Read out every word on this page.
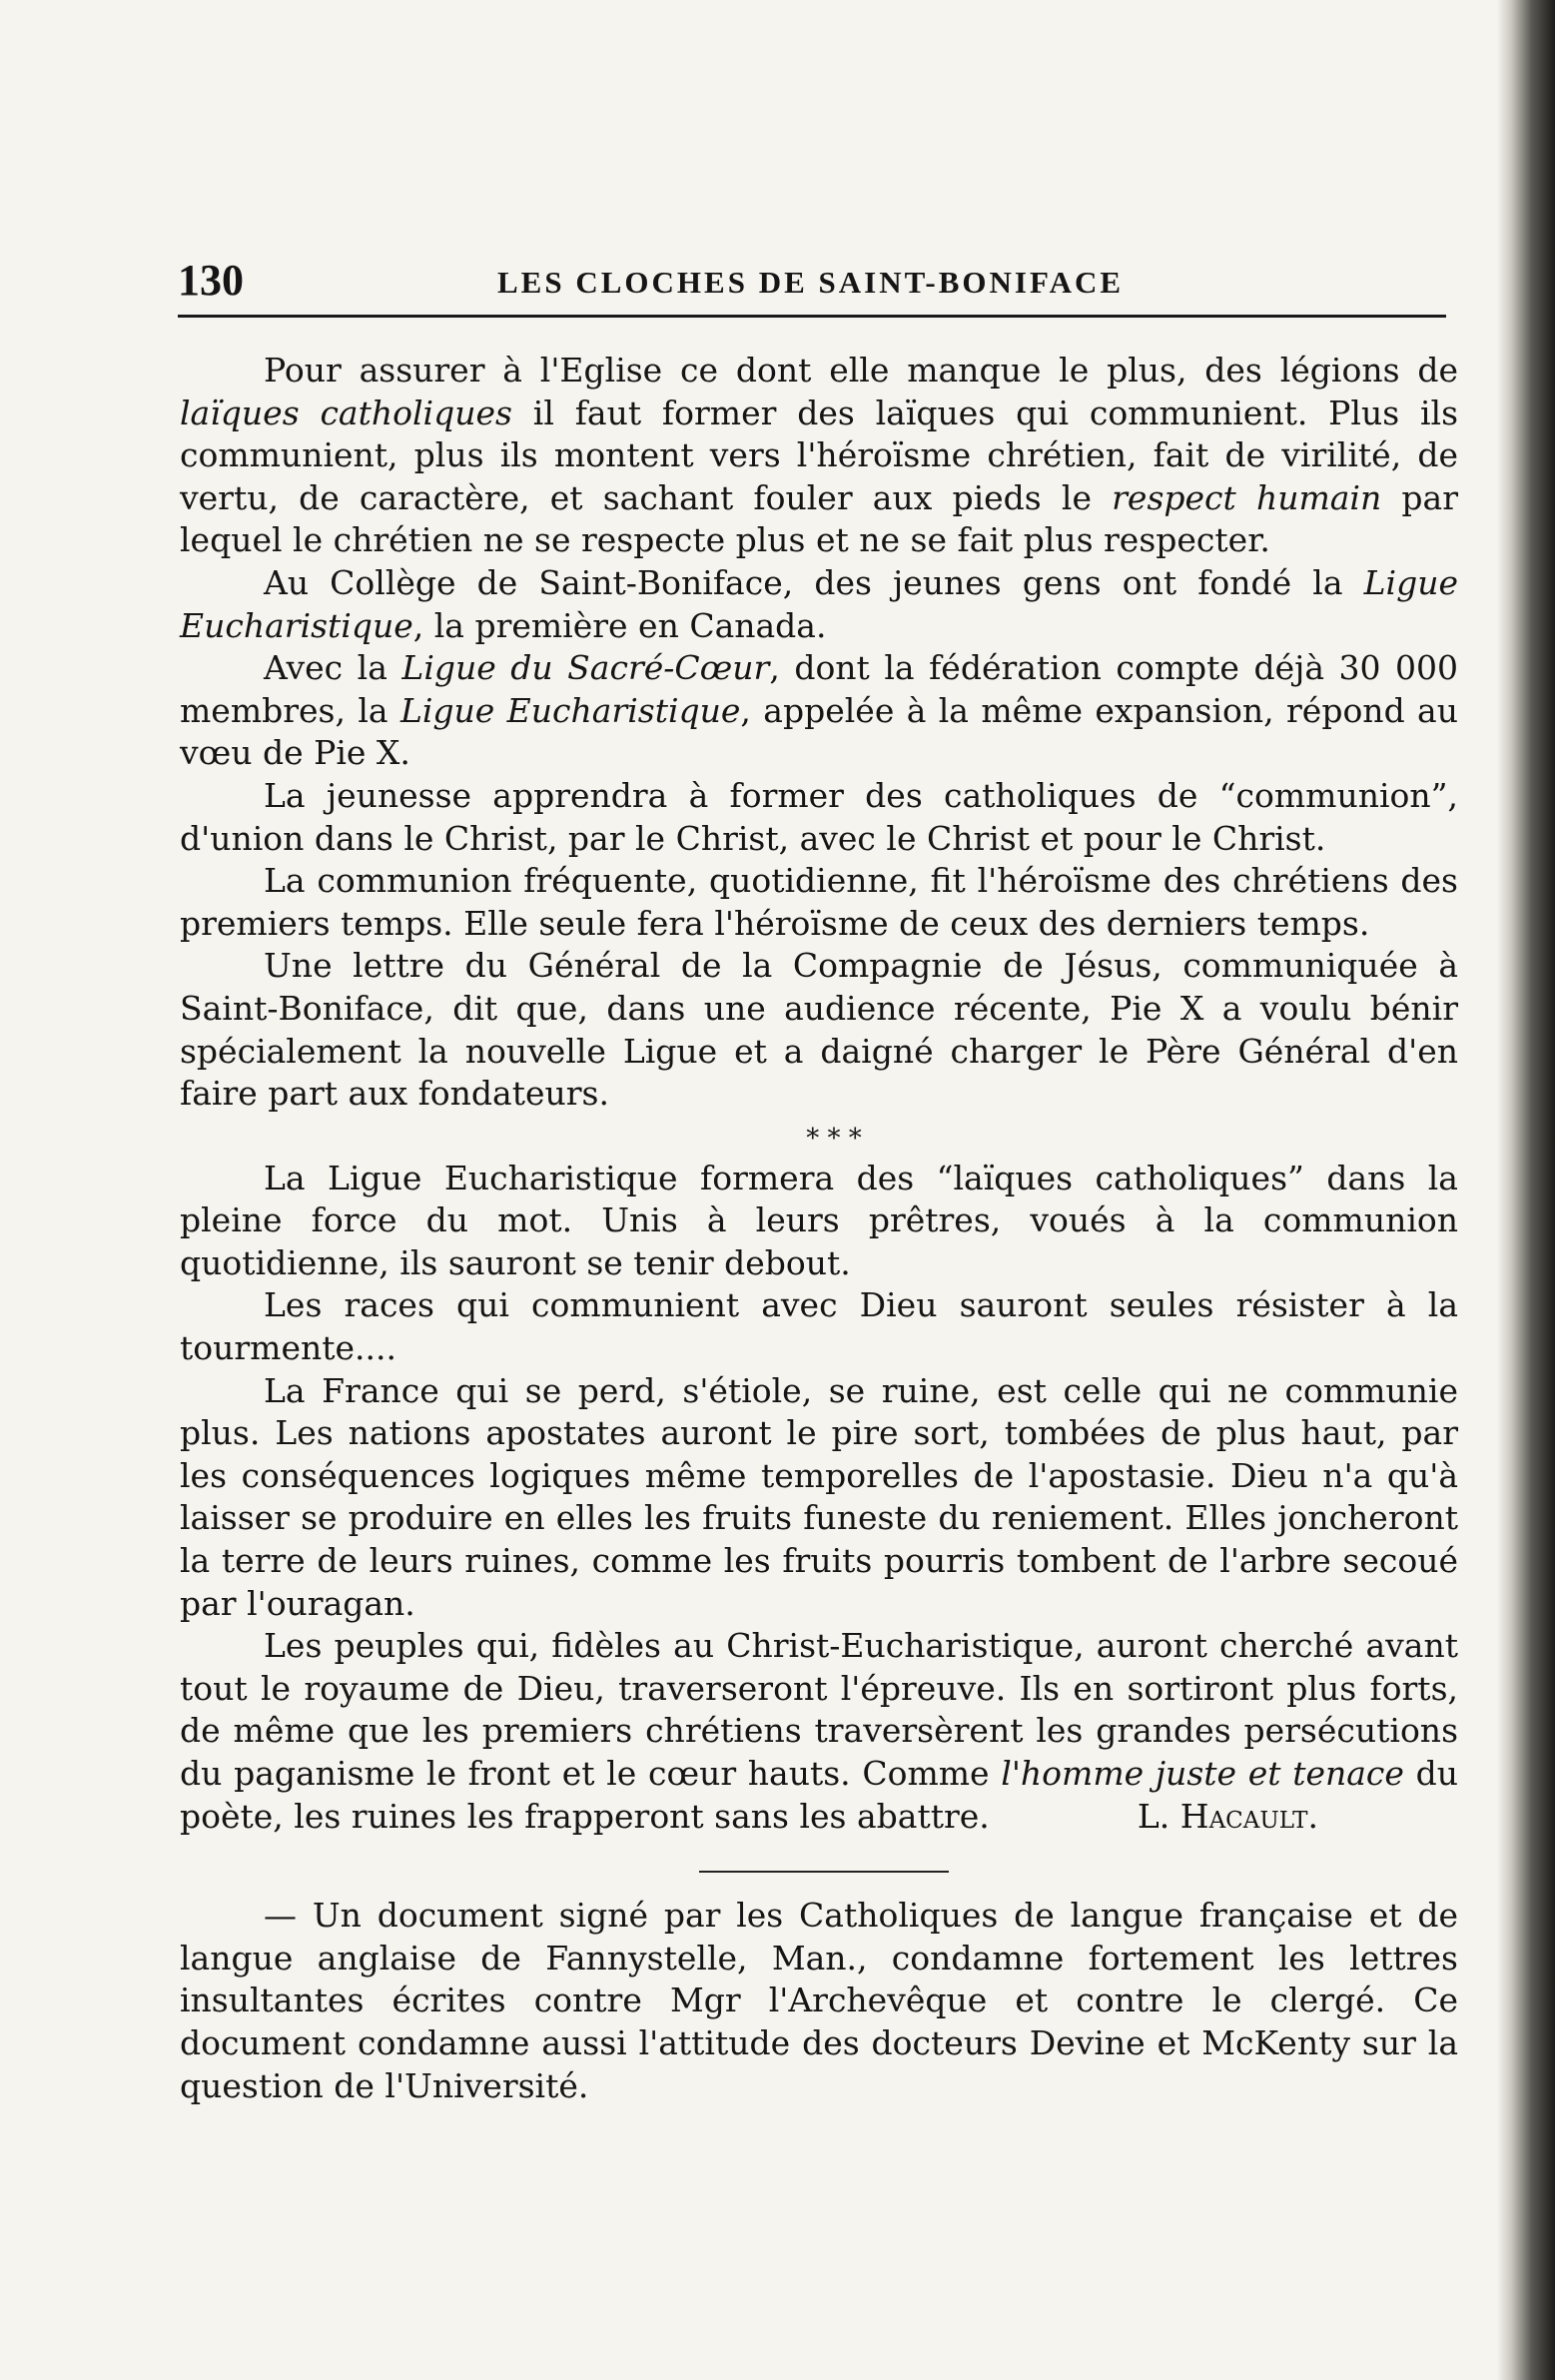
130	LES CLOCHES DE SAINT-BONIFACE

Pour assurer à l'Eglise ce dont elle manque le plus, des légions de laïques catholiques il faut former des laïques qui communient. Plus ils communient, plus ils montent vers l'héroïsme chrétien, fait de virilité, de vertu, de caractère, et sachant fouler aux pieds le respect humain par lequel le chrétien ne se respecte plus et ne se fait plus respecter.

Au Collège de Saint-Boniface, des jeunes gens ont fondé la Ligue Eucharistique, la première en Canada.

Avec la Ligue du Sacré-Cœur, dont la fédération compte déjà 30 000 membres, la Ligue Eucharistique, appelée à la même expansion, répond au vœu de Pie X.

La jeunesse apprendra à former des catholiques de “communion”, d'union dans le Christ, par le Christ, avec le Christ et pour le Christ.

La communion fréquente, quotidienne, fit l'héroïsme des chrétiens des premiers temps. Elle seule fera l'héroïsme de ceux des derniers temps.

Une lettre du Général de la Compagnie de Jésus, communiquée à Saint-Boniface, dit que, dans une audience récente, Pie X a voulu bénir spécialement la nouvelle Ligue et a daigné charger le Père Général d'en faire part aux fondateurs.

* * *

La Ligue Eucharistique formera des “laïques catholiques” dans la pleine force du mot. Unis à leurs prêtres, voués à la communion quotidienne, ils sauront se tenir debout.

Les races qui communient avec Dieu sauront seules résister à la tourmente....

La France qui se perd, s'étiole, se ruine, est celle qui ne communie plus. Les nations apostates auront le pire sort, tombées de plus haut, par les conséquences logiques même temporelles de l'apostasie. Dieu n'a qu'à laisser se produire en elles les fruits funeste du reniement. Elles joncheront la terre de leurs ruines, comme les fruits pourris tombent de l'arbre secoué par l'ouragan.

Les peuples qui, fidèles au Christ-Eucharistique, auront cherché avant tout le royaume de Dieu, traverseront l'épreuve. Ils en sortiront plus forts, de même que les premiers chrétiens traversèrent les grandes persécutions du paganisme le front et le cœur hauts. Comme l'homme juste et tenace du poète, les ruines les frapperont sans les abattre.	L. Hacault.

— Un document signé par les Catholiques de langue française et de langue anglaise de Fannystelle, Man., condamne fortement les lettres insultantes écrites contre Mgr l'Archevêque et contre le clergé. Ce document condamne aussi l'attitude des docteurs Devine et McKenty sur la question de l'Université.
